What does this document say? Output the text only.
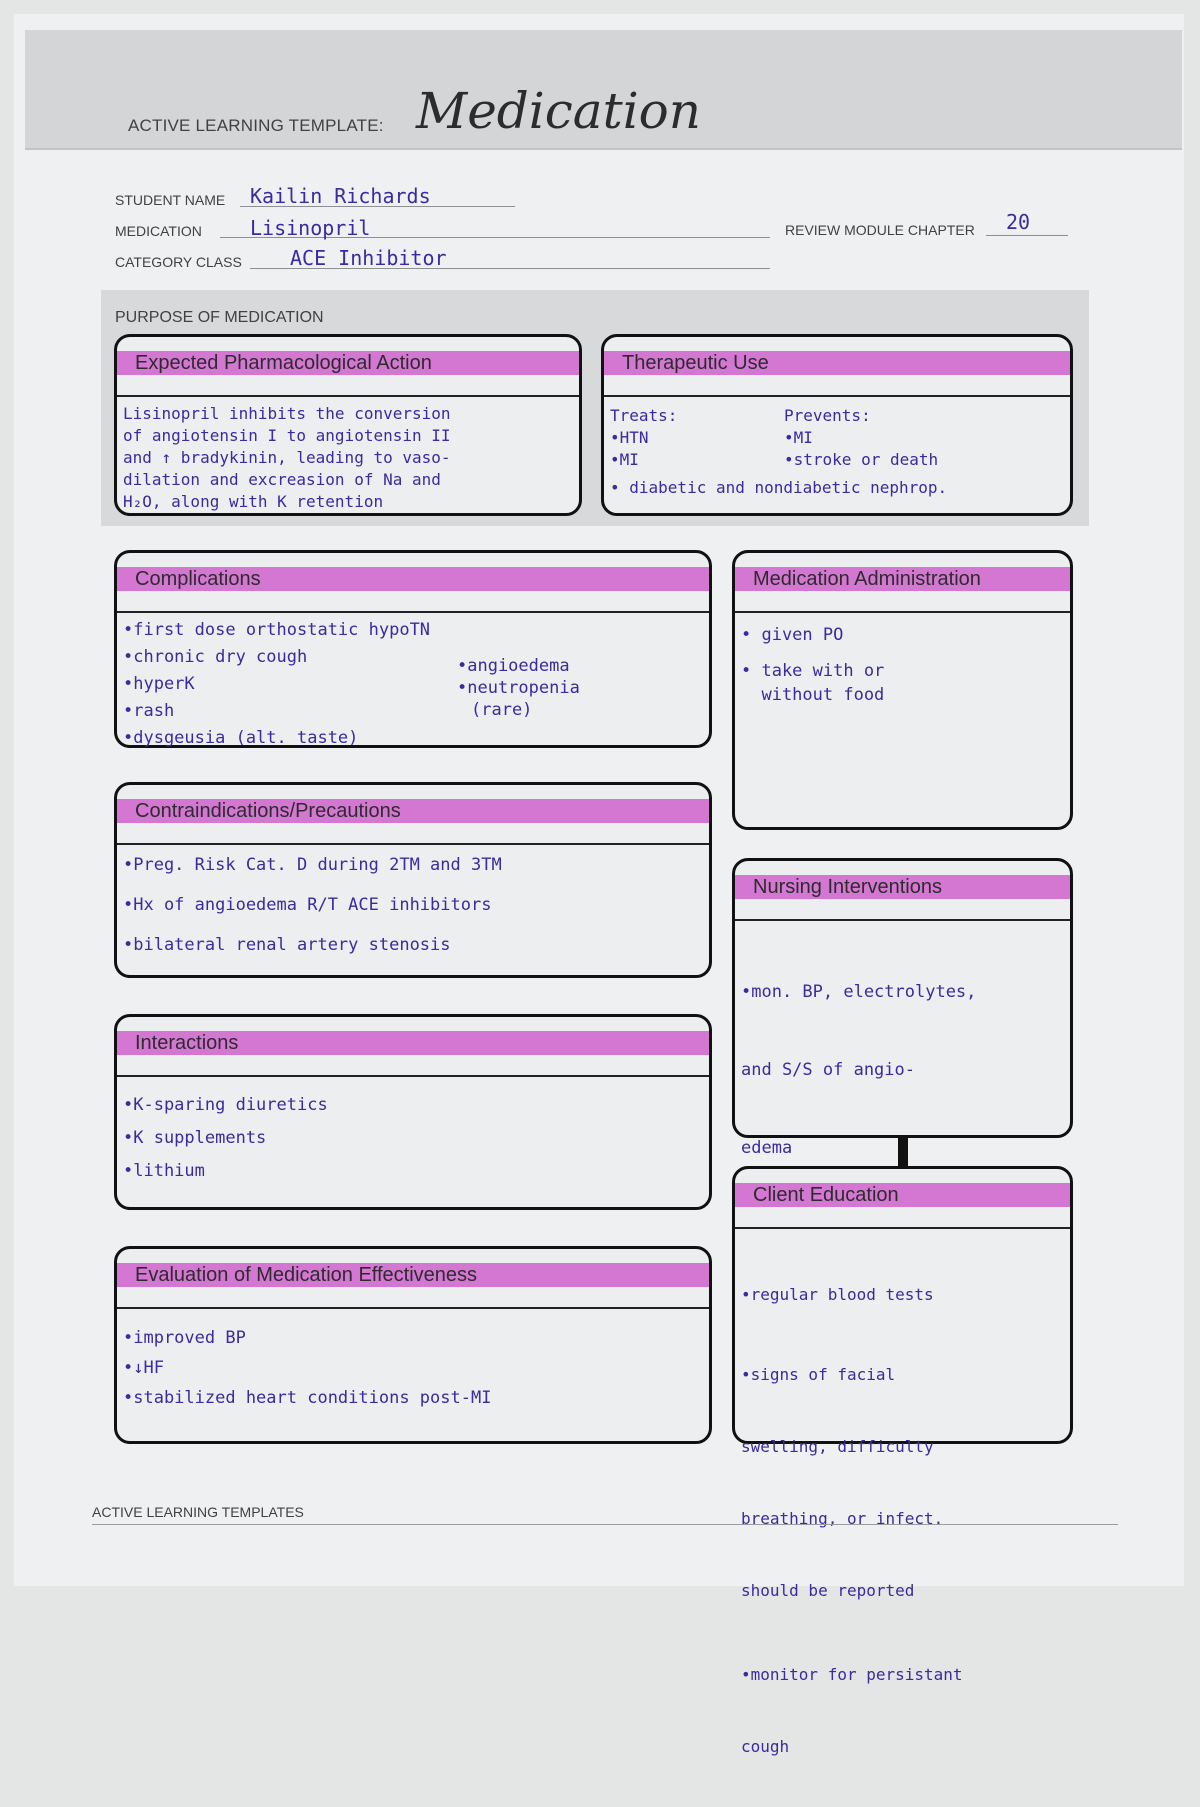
ACTIVE LEARNING TEMPLATE: Medication
STUDENT NAME Kailin Richards
MEDICATION Lisinopril	REVIEW MODULE CHAPTER 20
CATEGORY CLASS ACE Inhibitor
PURPOSE OF MEDICATION
Expected Pharmacological Action
Lisinopril inhibits the conversion
of angiotensin I to angiotensin II
and ↑ bradykinin, leading to vaso-
dilation and excreasion of Na and
H₂O, along with K retention
Therapeutic Use
Treats:
•HTN
•MI
Prevents:
•MI
•stroke or death
• diabetic and nondiabetic nephrop.
Complications
•first dose orthostatic hypoTN
•chronic dry cough
•hyperK
•rash
•dysgeusia (alt. taste)
•angioedema
•neutropenia
(rare)
Medication Administration
• given PO
• take with or
without food
Contraindications/Precautions
•Preg. Risk Cat. D during 2TM and 3TM
•Hx of angioedema R/T ACE inhibitors
•bilateral renal artery stenosis
Nursing Interventions

•mon. BP, electrolytes,

and S/S of angio-

edema

Interactions
•K-sparing diuretics
•K supplements
•lithium
Client Education

•regular blood tests

•signs of facial

swelling, difficulty

breathing, or infect.

should be reported

•monitor for persistant

cough

Evaluation of Medication Effectiveness
•improved BP
•↓HF
•stabilized heart conditions post-MI
ACTIVE LEARNING TEMPLATES
